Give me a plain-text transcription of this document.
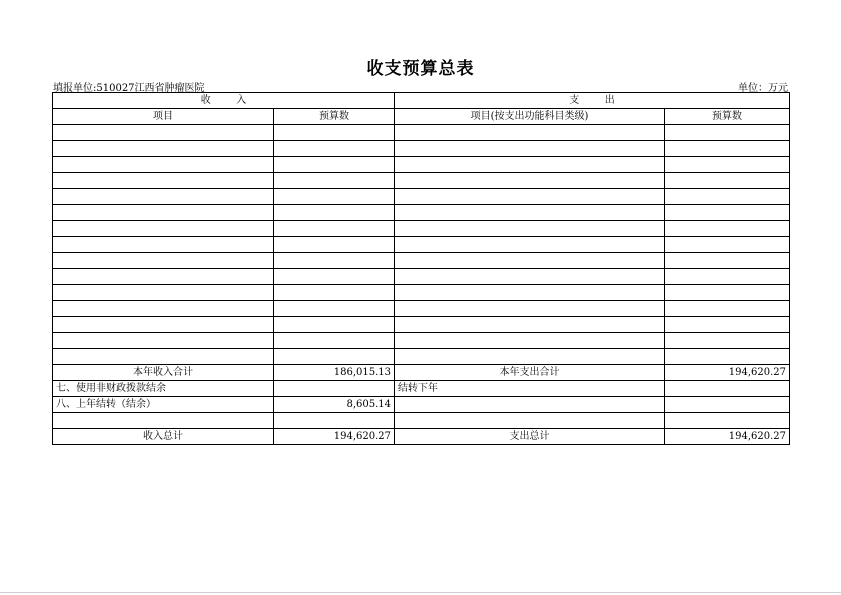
收支预算总表
填报单位:510027江西省肿瘤医院	单位：万元
收        入		支        出	
项目	预算数	项目(按支出功能科目类级)	预算数

本年收入合计	186,015.13	本年支出合计	194,620.27
七、使用非财政拨款结余		结转下年	
八、上年结转（结余）	8,605.14		

收入总计	194,620.27	支出总计	194,620.27
